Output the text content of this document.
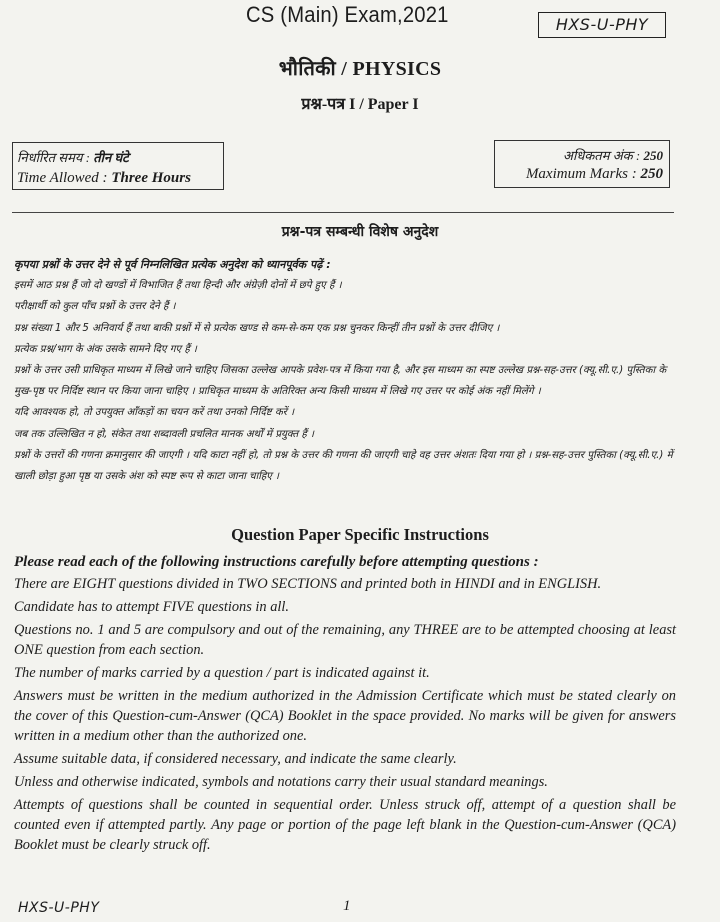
CS (Main) Exam,2021	HXS-U-PHY
भौतिकी / PHYSICS
प्रश्न-पत्र I / Paper I
निर्धारित समय : तीन घंटे
Time Allowed : Three Hours
अधिकतम अंक : 250
Maximum Marks : 250
प्रश्न-पत्र सम्बन्धी विशेष अनुदेश

कृपया प्रश्नों के उत्तर देने से पूर्व निम्नलिखित प्रत्येक अनुदेश को ध्यानपूर्वक पढ़ें :

इसमें आठ प्रश्न हैं जो दो खण्डों में विभाजित हैं तथा हिन्दी और अंग्रेज़ी दोनों में छपे हुए हैं ।

परीक्षार्थी को कुल पाँच प्रश्नों के उत्तर देने हैं ।

प्रश्न संख्या 1 और 5 अनिवार्य हैं तथा बाकी प्रश्नों में से प्रत्येक खण्ड से कम-से-कम एक प्रश्न चुनकर किन्हीं तीन प्रश्नों के उत्तर दीजिए ।

प्रत्येक प्रश्न/भाग के अंक उसके सामने दिए गए हैं ।

प्रश्नों के उत्तर उसी प्राधिकृत माध्यम में लिखे जाने चाहिए जिसका उल्लेख आपके प्रवेश-पत्र में किया गया है, और इस माध्यम का स्पष्ट उल्लेख प्रश्न-सह-उत्तर (क्यू.सी.ए.) पुस्तिका के मुख-पृष्ठ पर निर्दिष्ट स्थान पर किया जाना चाहिए । प्राधिकृत माध्यम के अतिरिक्त अन्य किसी माध्यम में लिखे गए उत्तर पर कोई अंक नहीं मिलेंगे ।

यदि आवश्यक हो, तो उपयुक्त आँकड़ों का चयन करें तथा उनको निर्दिष्ट करें ।

जब तक उल्लिखित न हो, संकेत तथा शब्दावली प्रचलित मानक अर्थों में प्रयुक्त हैं ।

प्रश्नों के उत्तरों की गणना क्रमानुसार की जाएगी । यदि काटा नहीं हो, तो प्रश्न के उत्तर की गणना की जाएगी चाहे वह उत्तर अंशतः दिया गया हो । प्रश्न-सह-उत्तर पुस्तिका (क्यू.सी.ए.) में खाली छोड़ा हुआ पृष्ठ या उसके अंश को स्पष्ट रूप से काटा जाना चाहिए ।

Question Paper Specific Instructions

Please read each of the following instructions carefully before attempting questions :

There are EIGHT questions divided in TWO SECTIONS and printed both in HINDI and in ENGLISH.

Candidate has to attempt FIVE questions in all.

Questions no. 1 and 5 are compulsory and out of the remaining, any THREE are to be attempted choosing at least ONE question from each section.

The number of marks carried by a question / part is indicated against it.

Answers must be written in the medium authorized in the Admission Certificate which must be stated clearly on the cover of this Question-cum-Answer (QCA) Booklet in the space provided. No marks will be given for answers written in a medium other than the authorized one.

Assume suitable data, if considered necessary, and indicate the same clearly.

Unless and otherwise indicated, symbols and notations carry their usual standard meanings.

Attempts of questions shall be counted in sequential order. Unless struck off, attempt of a question shall be counted even if attempted partly. Any page or portion of the page left blank in the Question-cum-Answer (QCA) Booklet must be clearly struck off.

HXS-U-PHY	1
